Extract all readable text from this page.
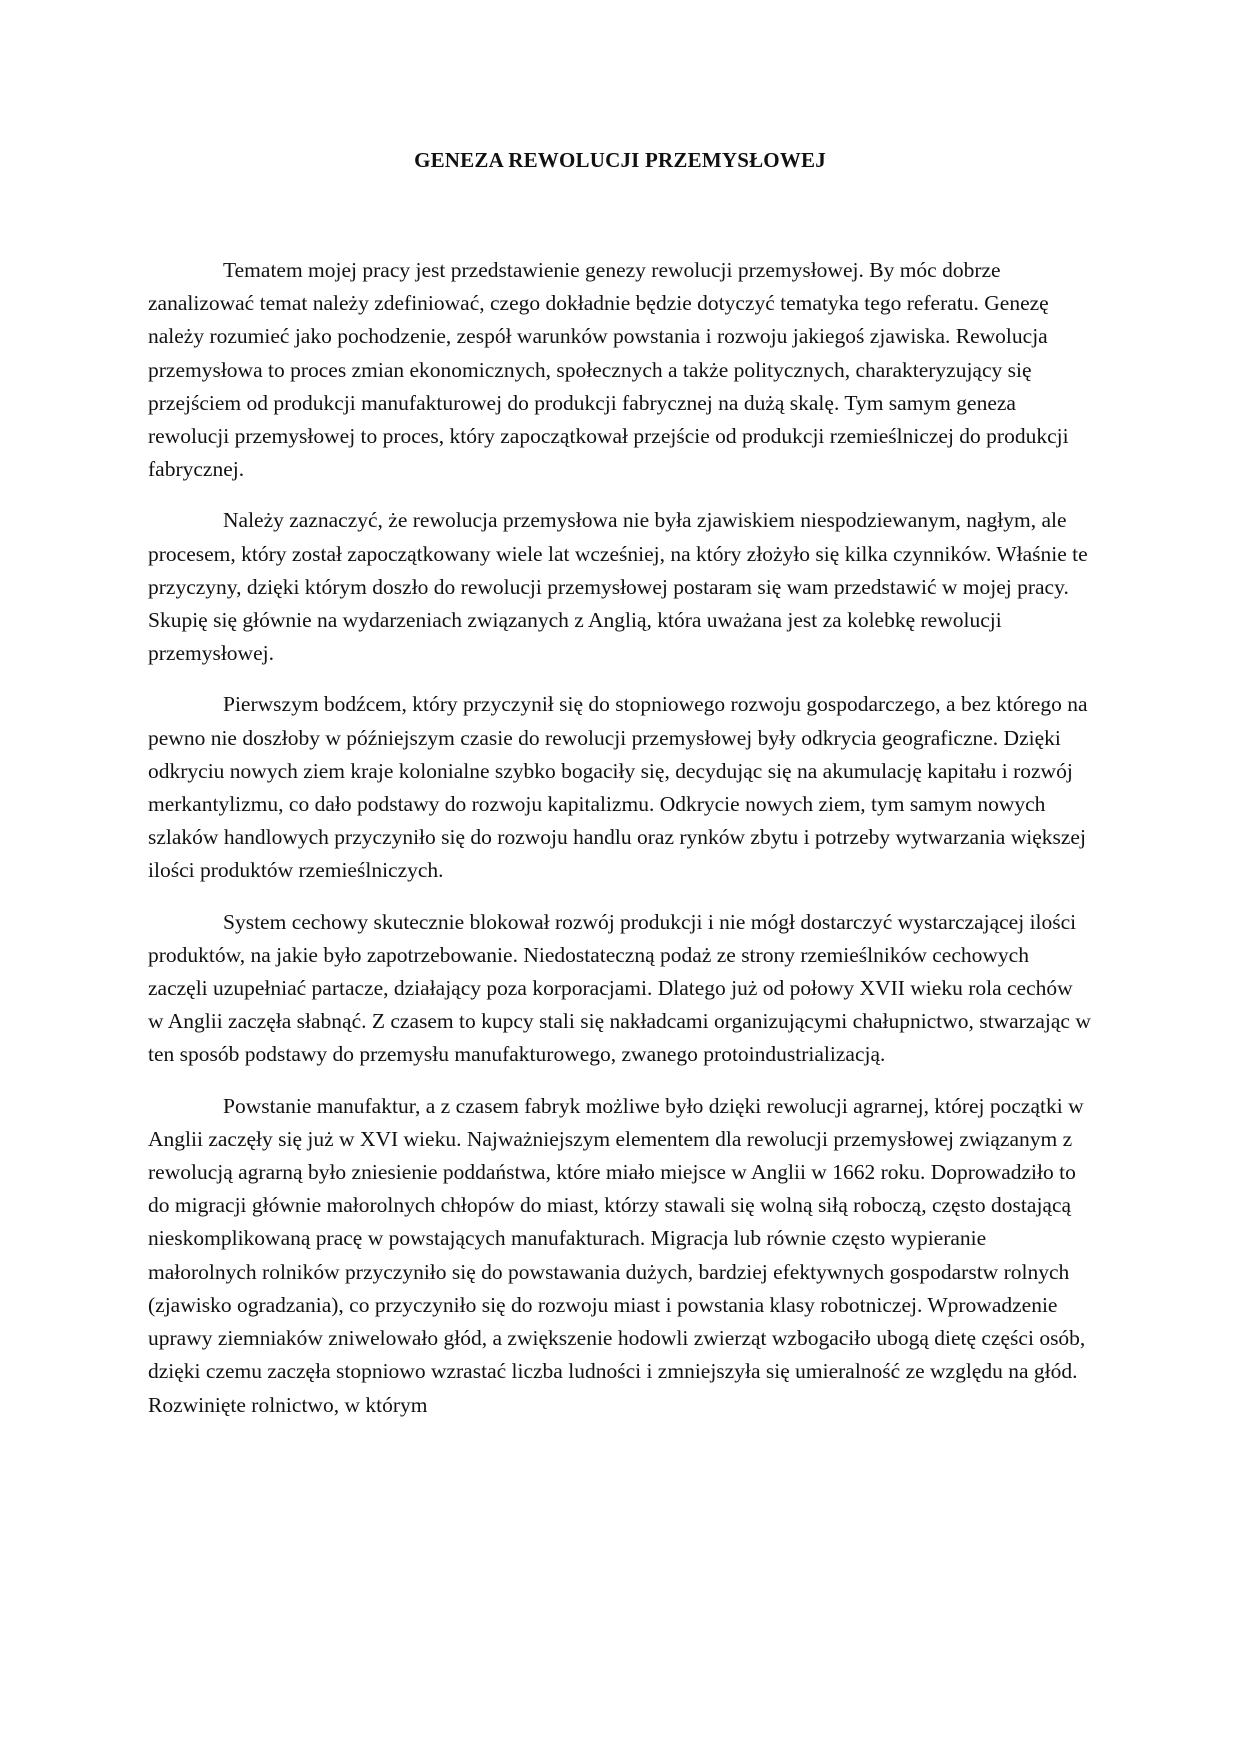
GENEZA REWOLUCJI PRZEMYSŁOWEJ

Tematem mojej pracy jest przedstawienie genezy rewolucji przemysłowej. By móc dobrze zanalizować temat należy zdefiniować, czego dokładnie będzie dotyczyć tematyka tego referatu. Genezę należy rozumieć jako pochodzenie, zespół warunków powstania i rozwoju jakiegoś zjawiska. Rewolucja przemysłowa to proces zmian ekonomicznych, społecznych a także politycznych, charakteryzujący się przejściem od produkcji manufakturowej do produkcji fabrycznej na dużą skalę. Tym samym geneza rewolucji przemysłowej to proces, który zapoczątkował przejście od produkcji rzemieślniczej do produkcji fabrycznej.

Należy zaznaczyć, że rewolucja przemysłowa nie była zjawiskiem niespodziewanym, nagłym, ale procesem, który został zapoczątkowany wiele lat wcześniej, na który złożyło się kilka czynników. Właśnie te przyczyny, dzięki którym doszło do rewolucji przemysłowej postaram się wam przedstawić w mojej pracy. Skupię się głównie na wydarzeniach związanych z Anglią, która uważana jest za kolebkę rewolucji przemysłowej.

Pierwszym bodźcem, który przyczynił się do stopniowego rozwoju gospodarczego, a bez którego na pewno nie doszłoby w późniejszym czasie do rewolucji przemysłowej były odkrycia geograficzne. Dzięki odkryciu nowych ziem kraje kolonialne szybko bogaciły się, decydując się na akumulację kapitału i rozwój merkantylizmu, co dało podstawy do rozwoju kapitalizmu. Odkrycie nowych ziem, tym samym nowych szlaków handlowych przyczyniło się do rozwoju handlu oraz rynków zbytu i potrzeby wytwarzania większej ilości produktów rzemieślniczych.

System cechowy skutecznie blokował rozwój produkcji i nie mógł dostarczyć wystarczającej ilości produktów, na jakie było zapotrzebowanie. Niedostateczną podaż ze strony rzemieślników cechowych zaczęli uzupełniać partacze, działający poza korporacjami. Dlatego już od połowy XVII wieku rola cechów w Anglii zaczęła słabnąć. Z czasem to kupcy stali się nakładcami organizującymi chałupnictwo, stwarzając w ten sposób podstawy do przemysłu manufakturowego, zwanego protoindustrializacją.

Powstanie manufaktur, a z czasem fabryk możliwe było dzięki rewolucji agrarnej, której początki w Anglii zaczęły się już w XVI wieku. Najważniejszym elementem dla rewolucji przemysłowej związanym z rewolucją agrarną było zniesienie poddaństwa, które miało miejsce w Anglii w 1662 roku. Doprowadziło to do migracji głównie małorolnych chłopów do miast, którzy stawali się wolną siłą roboczą, często dostającą nieskomplikowaną pracę w powstających manufakturach. Migracja lub równie często wypieranie małorolnych rolników przyczyniło się do powstawania dużych, bardziej efektywnych gospodarstw rolnych (zjawisko ogradzania), co przyczyniło się do rozwoju miast i powstania klasy robotniczej. Wprowadzenie uprawy ziemniaków zniwelowało głód, a zwiększenie hodowli zwierząt wzbogaciło ubogą dietę części osób, dzięki czemu zaczęła stopniowo wzrastać liczba ludności i zmniejszyła się umieralność ze względu na głód. Rozwinięte rolnictwo, w którym
